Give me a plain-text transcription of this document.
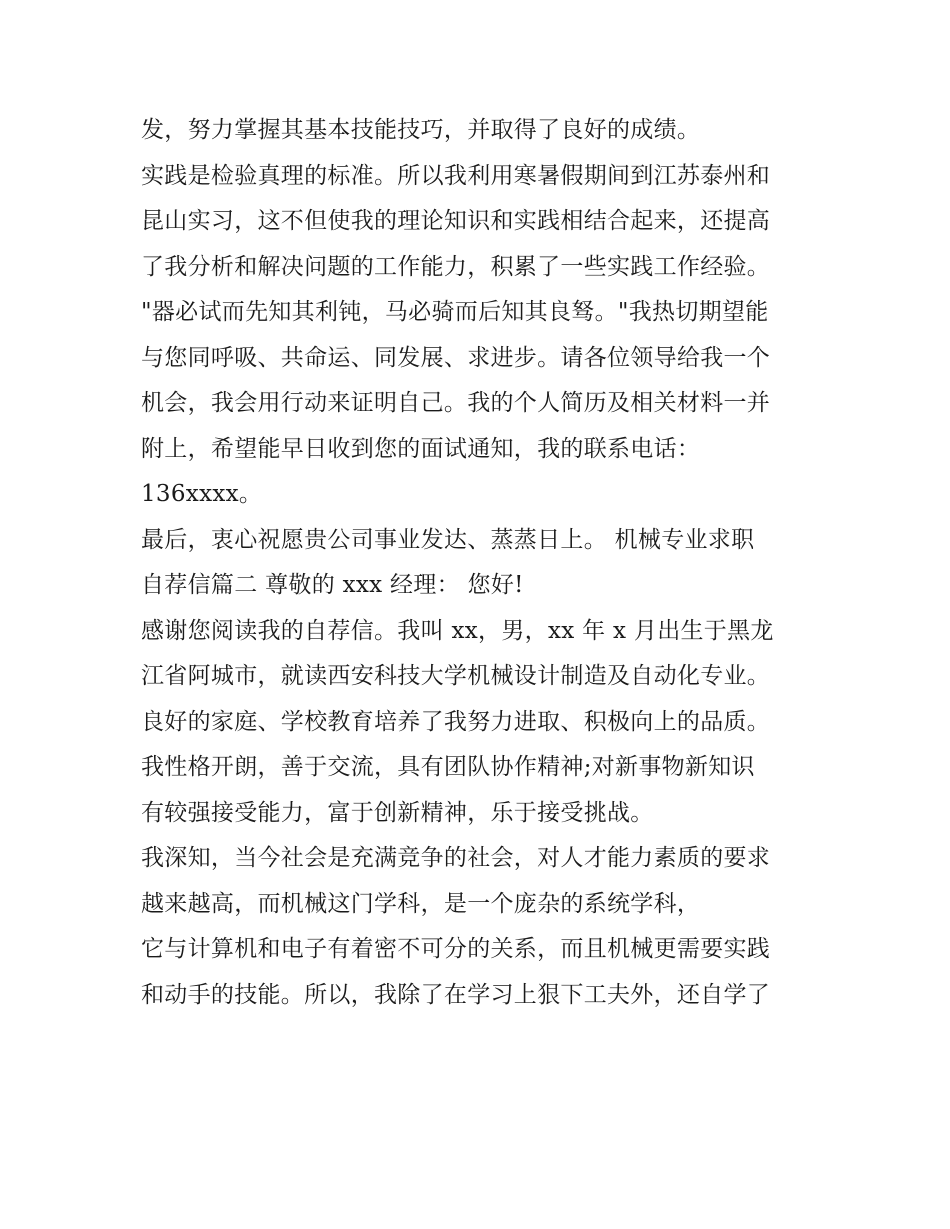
发，努力掌握其基本技能技巧，并取得了良好的成绩。
实践是检验真理的标准。所以我利用寒暑假期间到江苏泰州和
昆山实习，这不但使我的理论知识和实践相结合起来，还提高
了我分析和解决问题的工作能力，积累了一些实践工作经验。
"器必试而先知其利钝，马必骑而后知其良驽。"我热切期望能
与您同呼吸、共命运、同发展、求进步。请各位领导给我一个
机会，我会用行动来证明自己。我的个人简历及相关材料一并
附上，希望能早日收到您的面试通知，我的联系电话：
136xxxx。
最后，衷心祝愿贵公司事业发达、蒸蒸日上。 机械专业求职
自荐信篇二 尊敬的 xxx 经理： 您好!
感谢您阅读我的自荐信。我叫 xx，男，xx 年 x 月出生于黑龙
江省阿城市，就读西安科技大学机械设计制造及自动化专业。
良好的家庭、学校教育培养了我努力进取、积极向上的品质。
我性格开朗，善于交流，具有团队协作精神;对新事物新知识
有较强接受能力，富于创新精神，乐于接受挑战。
我深知，当今社会是充满竞争的社会，对人才能力素质的要求
越来越高，而机械这门学科，是一个庞杂的系统学科，
它与计算机和电子有着密不可分的关系，而且机械更需要实践
和动手的技能。所以，我除了在学习上狠下工夫外，还自学了
